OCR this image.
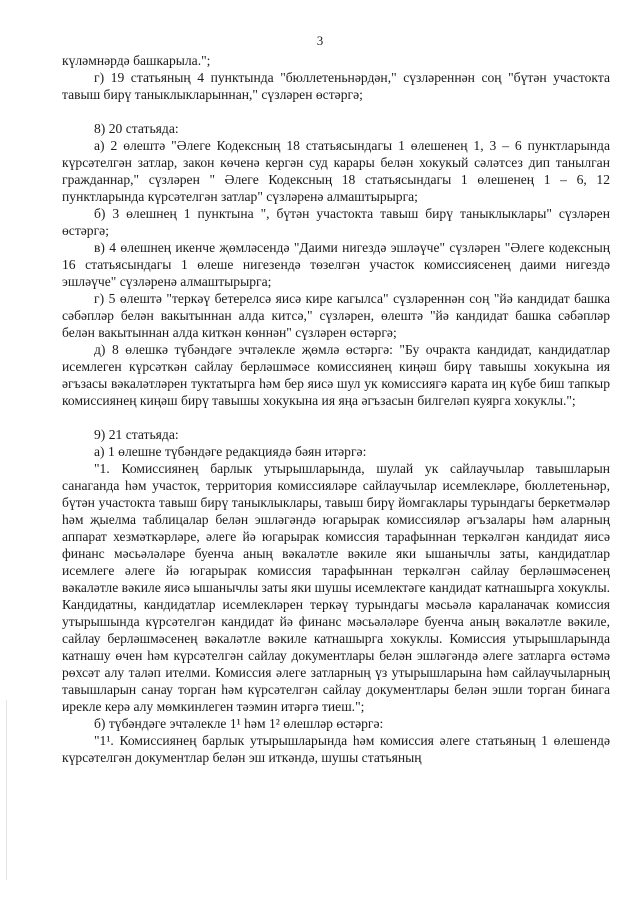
3

күләмнәрдә башкарыла.";

г) 19 статьяның 4 пунктында "бюллетеньнәрдән," сүзләреннән соң "бүтән участокта тавыш бирү таныклыкларыннан," сүзләрен өстәргә;

8) 20 статьяда:

а) 2 өлештә "Әлеге Кодексның 18 статьясындагы 1 өлешенең 1, 3 – 6 пунктларында күрсәтелгән затлар, закон көченә кергән суд карары белән хокукый сәләтсез дип танылган гражданнар," сүзләрен " Әлеге Кодексның 18 статьясындагы 1 өлешенең 1 – 6, 12 пунктларында күрсәтелгән затлар" сүзләренә алмаштырырга;

б) 3 өлешнең 1 пунктына ", бүтән участокта тавыш бирү таныклыклары" сүзләрен өстәргә;

в) 4 өлешнең икенче җөмләсендә "Даими нигездә эшләүче" сүзләрен "Әлеге кодексның 16 статьясындагы 1 өлеше нигезендә төзелгән участок комиссиясенең даими нигездә эшләүче" сүзләренә алмаштырырга;

г) 5 өлештә "теркәү бетерелсә яисә кире кагылса" сүзләреннән соң "йә кандидат башка сәбәпләр белән вакытыннан алда китсә," сүзләрен, өлештә "йә кандидат башка сәбәпләр белән вакытыннан алда киткән көннән" сүзләрен өстәргә;

д) 8 өлешкә түбәндәге эчтәлекле җөмлә өстәргә: "Бу очракта кандидат, кандидатлар исемлеген күрсәткән сайлау берләшмәсе комиссиянең киңәш бирү тавышы хокукына ия әгъзасы вәкаләтләрен туктатырга һәм бер яисә шул ук комиссиягә карата иң күбе биш тапкыр комиссиянең киңәш бирү тавышы хокукына ия яңа әгъзасын билгеләп куярга хокуклы.";

9) 21 статьяда:

а) 1 өлешне түбәндәге редакциядә бәян итәргә:

"1. Комиссиянең барлык утырышларында, шулай ук сайлаучылар тавышларын санаганда һәм участок, территория комиссияләре сайлаучылар исемлекләре, бюллетеньнәр, бүтән участокта тавыш бирү таныклыклары, тавыш бирү йомгаклары турындагы беркетмәләр һәм җыелма таблицалар белән эшләгәндә югарырак комиссияләр әгъзалары һәм аларның аппарат хезмәткәрләре, әлеге йә югарырак комиссия тарафыннан теркәлгән кандидат яисә финанс мәсьәләләре буенча аның вәкаләтле вәкиле яки ышанычлы заты, кандидатлар исемлеге әлеге йә югарырак комиссия тарафыннан теркәлгән сайлау берләшмәсенең вәкаләтле вәкиле яисә ышанычлы заты яки шушы исемлектәге кандидат катнашырга хокуклы. Кандидатны, кандидатлар исемлекләрен теркәү турындагы мәсьәлә караланачак комиссия утырышында күрсәтелгән кандидат йә финанс мәсьәләләре буенча аның вәкаләтле вәкиле, сайлау берләшмәсенең вәкаләтле вәкиле катнашырга хокуклы. Комиссия утырышларында катнашу өчен һәм күрсәтелгән сайлау документлары белән эшләгәндә әлеге затларга өстәмә рөхсәт алу таләп ителми. Комиссия әлеге затларның үз утырышларына һәм сайлаучыларның тавышларын санау торган һәм күрсәтелгән сайлау документлары белән эшли торган бинага ирекле керә алу мөмкинлеген тәэмин итәргә тиеш.";

б) түбәндәге эчтәлекле 1¹ һәм 1² өлешләр өстәргә:

"1¹. Комиссиянең барлык утырышларында һәм комиссия әлеге статьяның 1 өлешендә күрсәтелгән документлар белән эш иткәндә, шушы статьяның
